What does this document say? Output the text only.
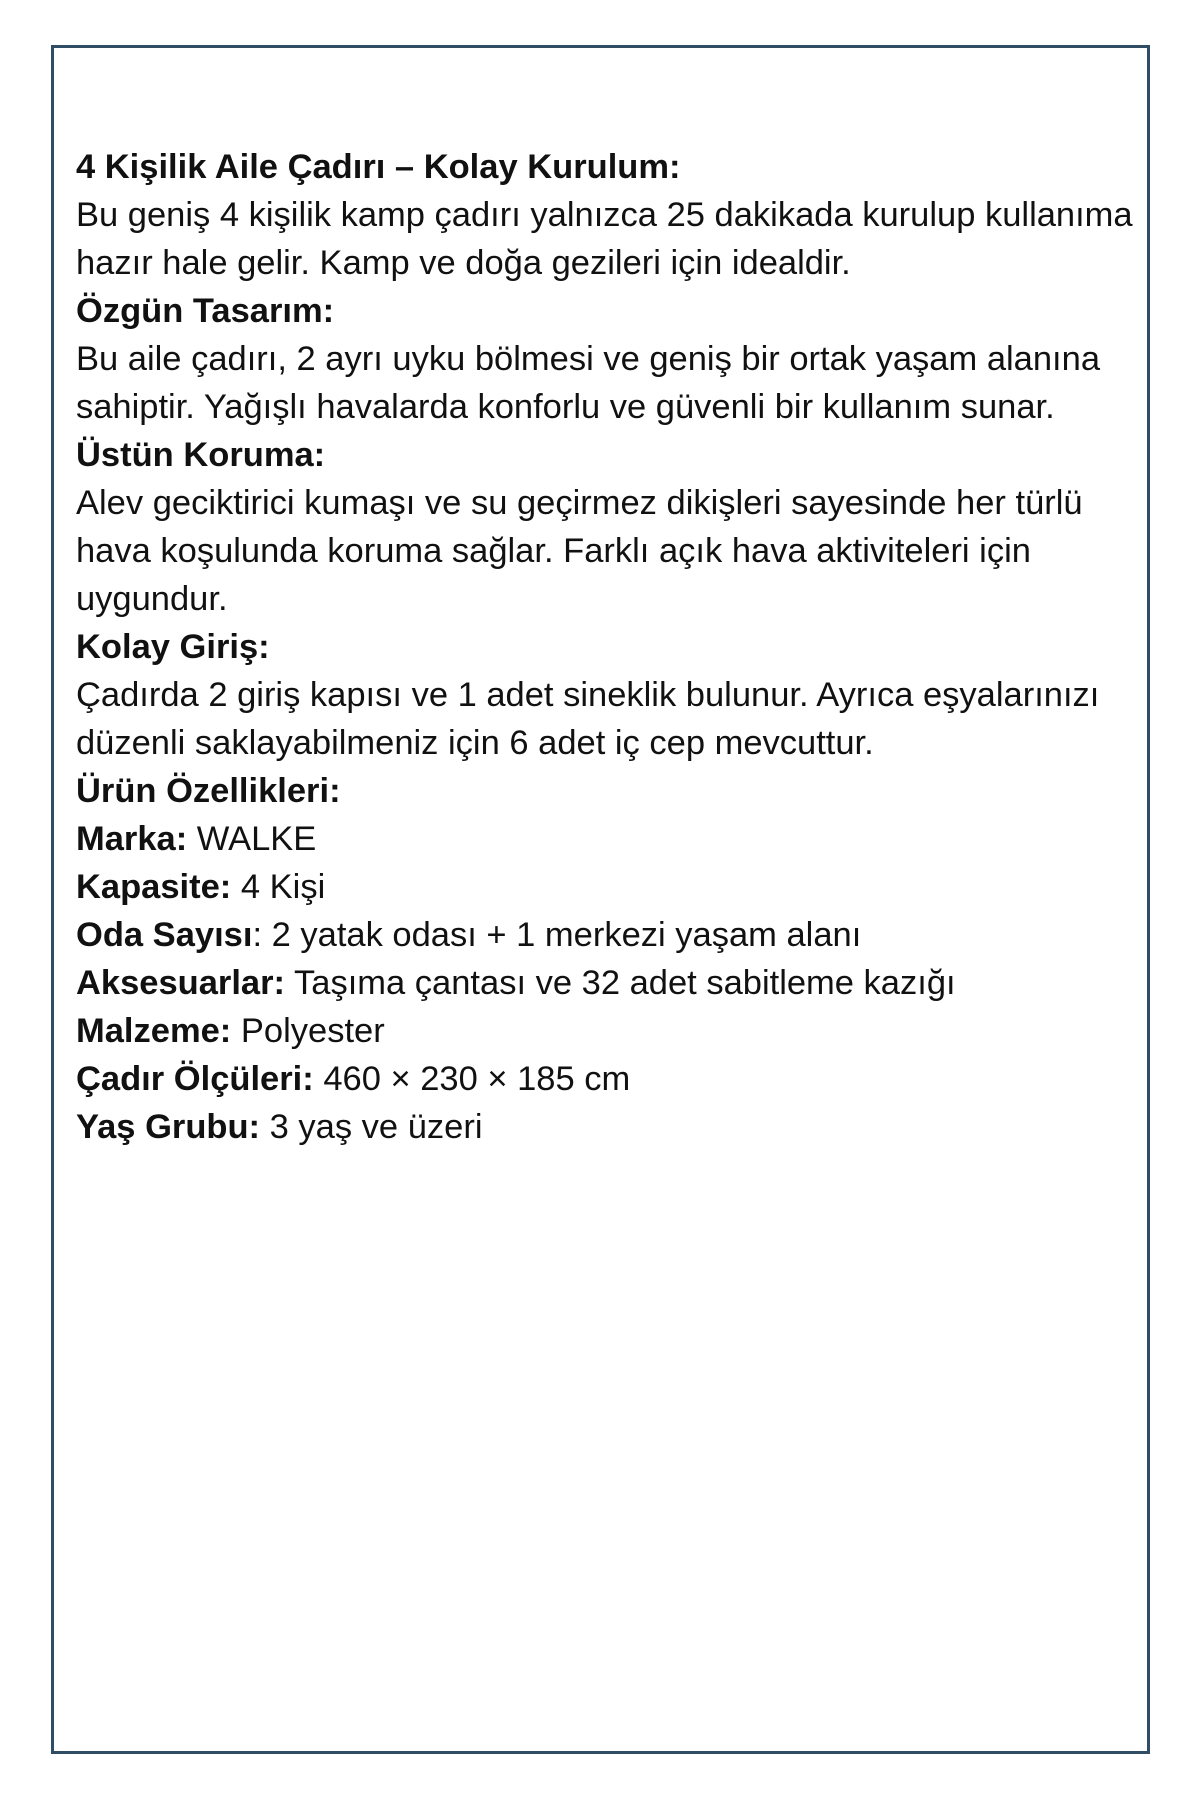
4 Kişilik Aile Çadırı – Kolay Kurulum:

Bu geniş 4 kişilik kamp çadırı yalnızca 25 dakikada kurulup kullanıma hazır hale gelir. Kamp ve doğa gezileri için idealdir.

Özgün Tasarım:

Bu aile çadırı, 2 ayrı uyku bölmesi ve geniş bir ortak yaşam alanına sahiptir. Yağışlı havalarda konforlu ve güvenli bir kullanım sunar.

Üstün Koruma:

Alev geciktirici kumaşı ve su geçirmez dikişleri sayesinde her türlü hava koşulunda koruma sağlar. Farklı açık hava aktiviteleri için uygundur.

Kolay Giriş:

Çadırda 2 giriş kapısı ve 1 adet sineklik bulunur. Ayrıca eşyalarınızı düzenli saklayabilmeniz için 6 adet iç cep mevcuttur.

Ürün Özellikleri:

Marka: WALKE
Kapasite: 4 Kişi
Oda Sayısı: 2 yatak odası + 1 merkezi yaşam alanı
Aksesuarlar: Taşıma çantası ve 32 adet sabitleme kazığı
Malzeme: Polyester
Çadır Ölçüleri: 460 × 230 × 185 cm
Yaş Grubu: 3 yaş ve üzeri
